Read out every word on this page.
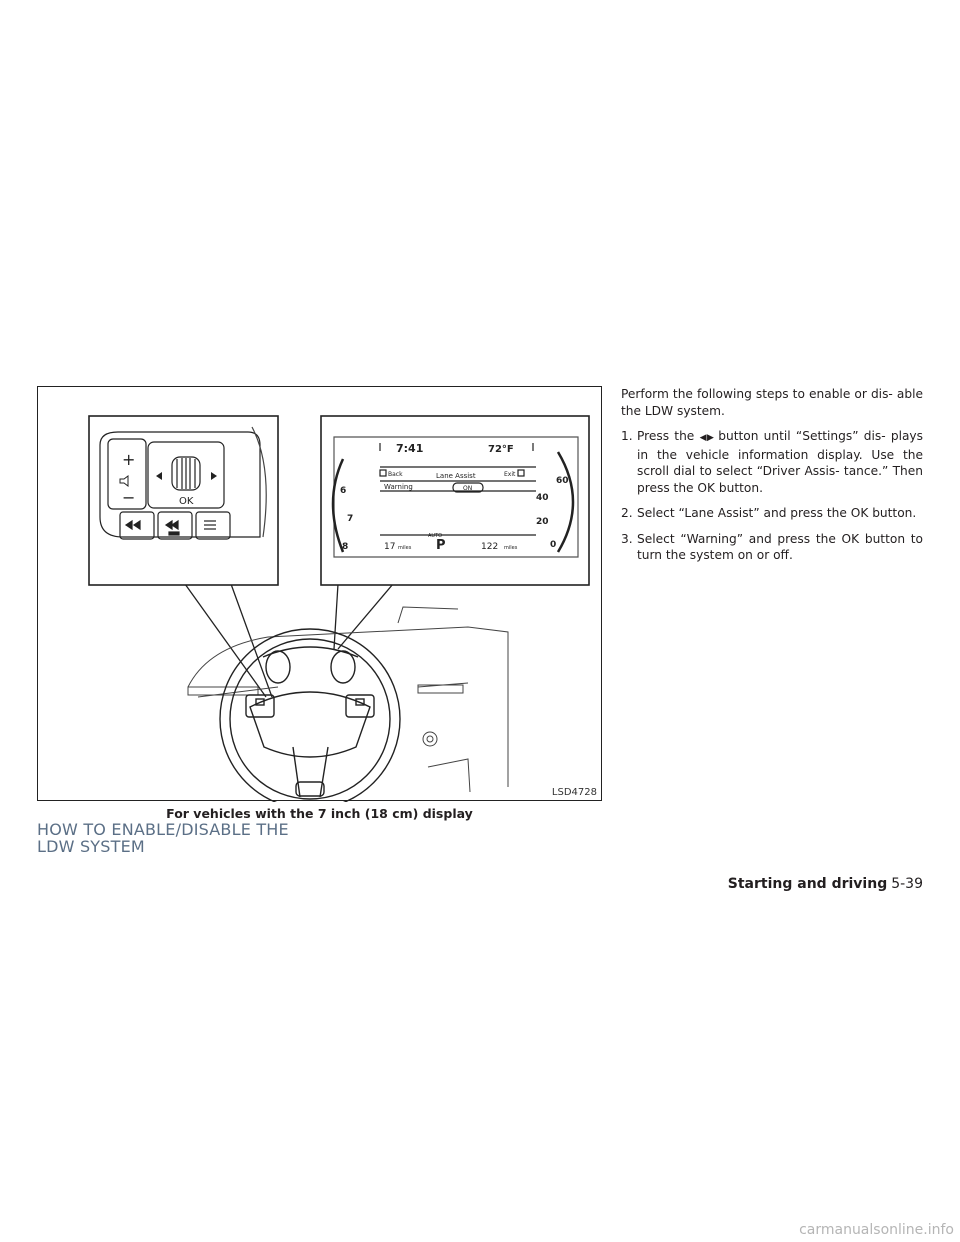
+
−	OK
7:41	72°F
Back	Lane Assist	Exit
Warning	ON
17 miles
AUTO
P	122 miles
6
7
8
60
40
20
0
LSD4728
For vehicles with the 7 inch (18 cm) display
HOW TO ENABLE/DISABLE THE
LDW SYSTEM

Perform the following steps to enable or dis- able the LDW system.

1. Press the ◀▶ button until “Settings” dis- plays in the vehicle information display. Use the scroll dial to select “Driver Assis- tance.” Then press the OK button.
2. Select “Lane Assist” and press the OK button.
3. Select “Warning” and press the OK button to turn the system on or off.
Starting and driving 5-39
carmanualsonline.info
